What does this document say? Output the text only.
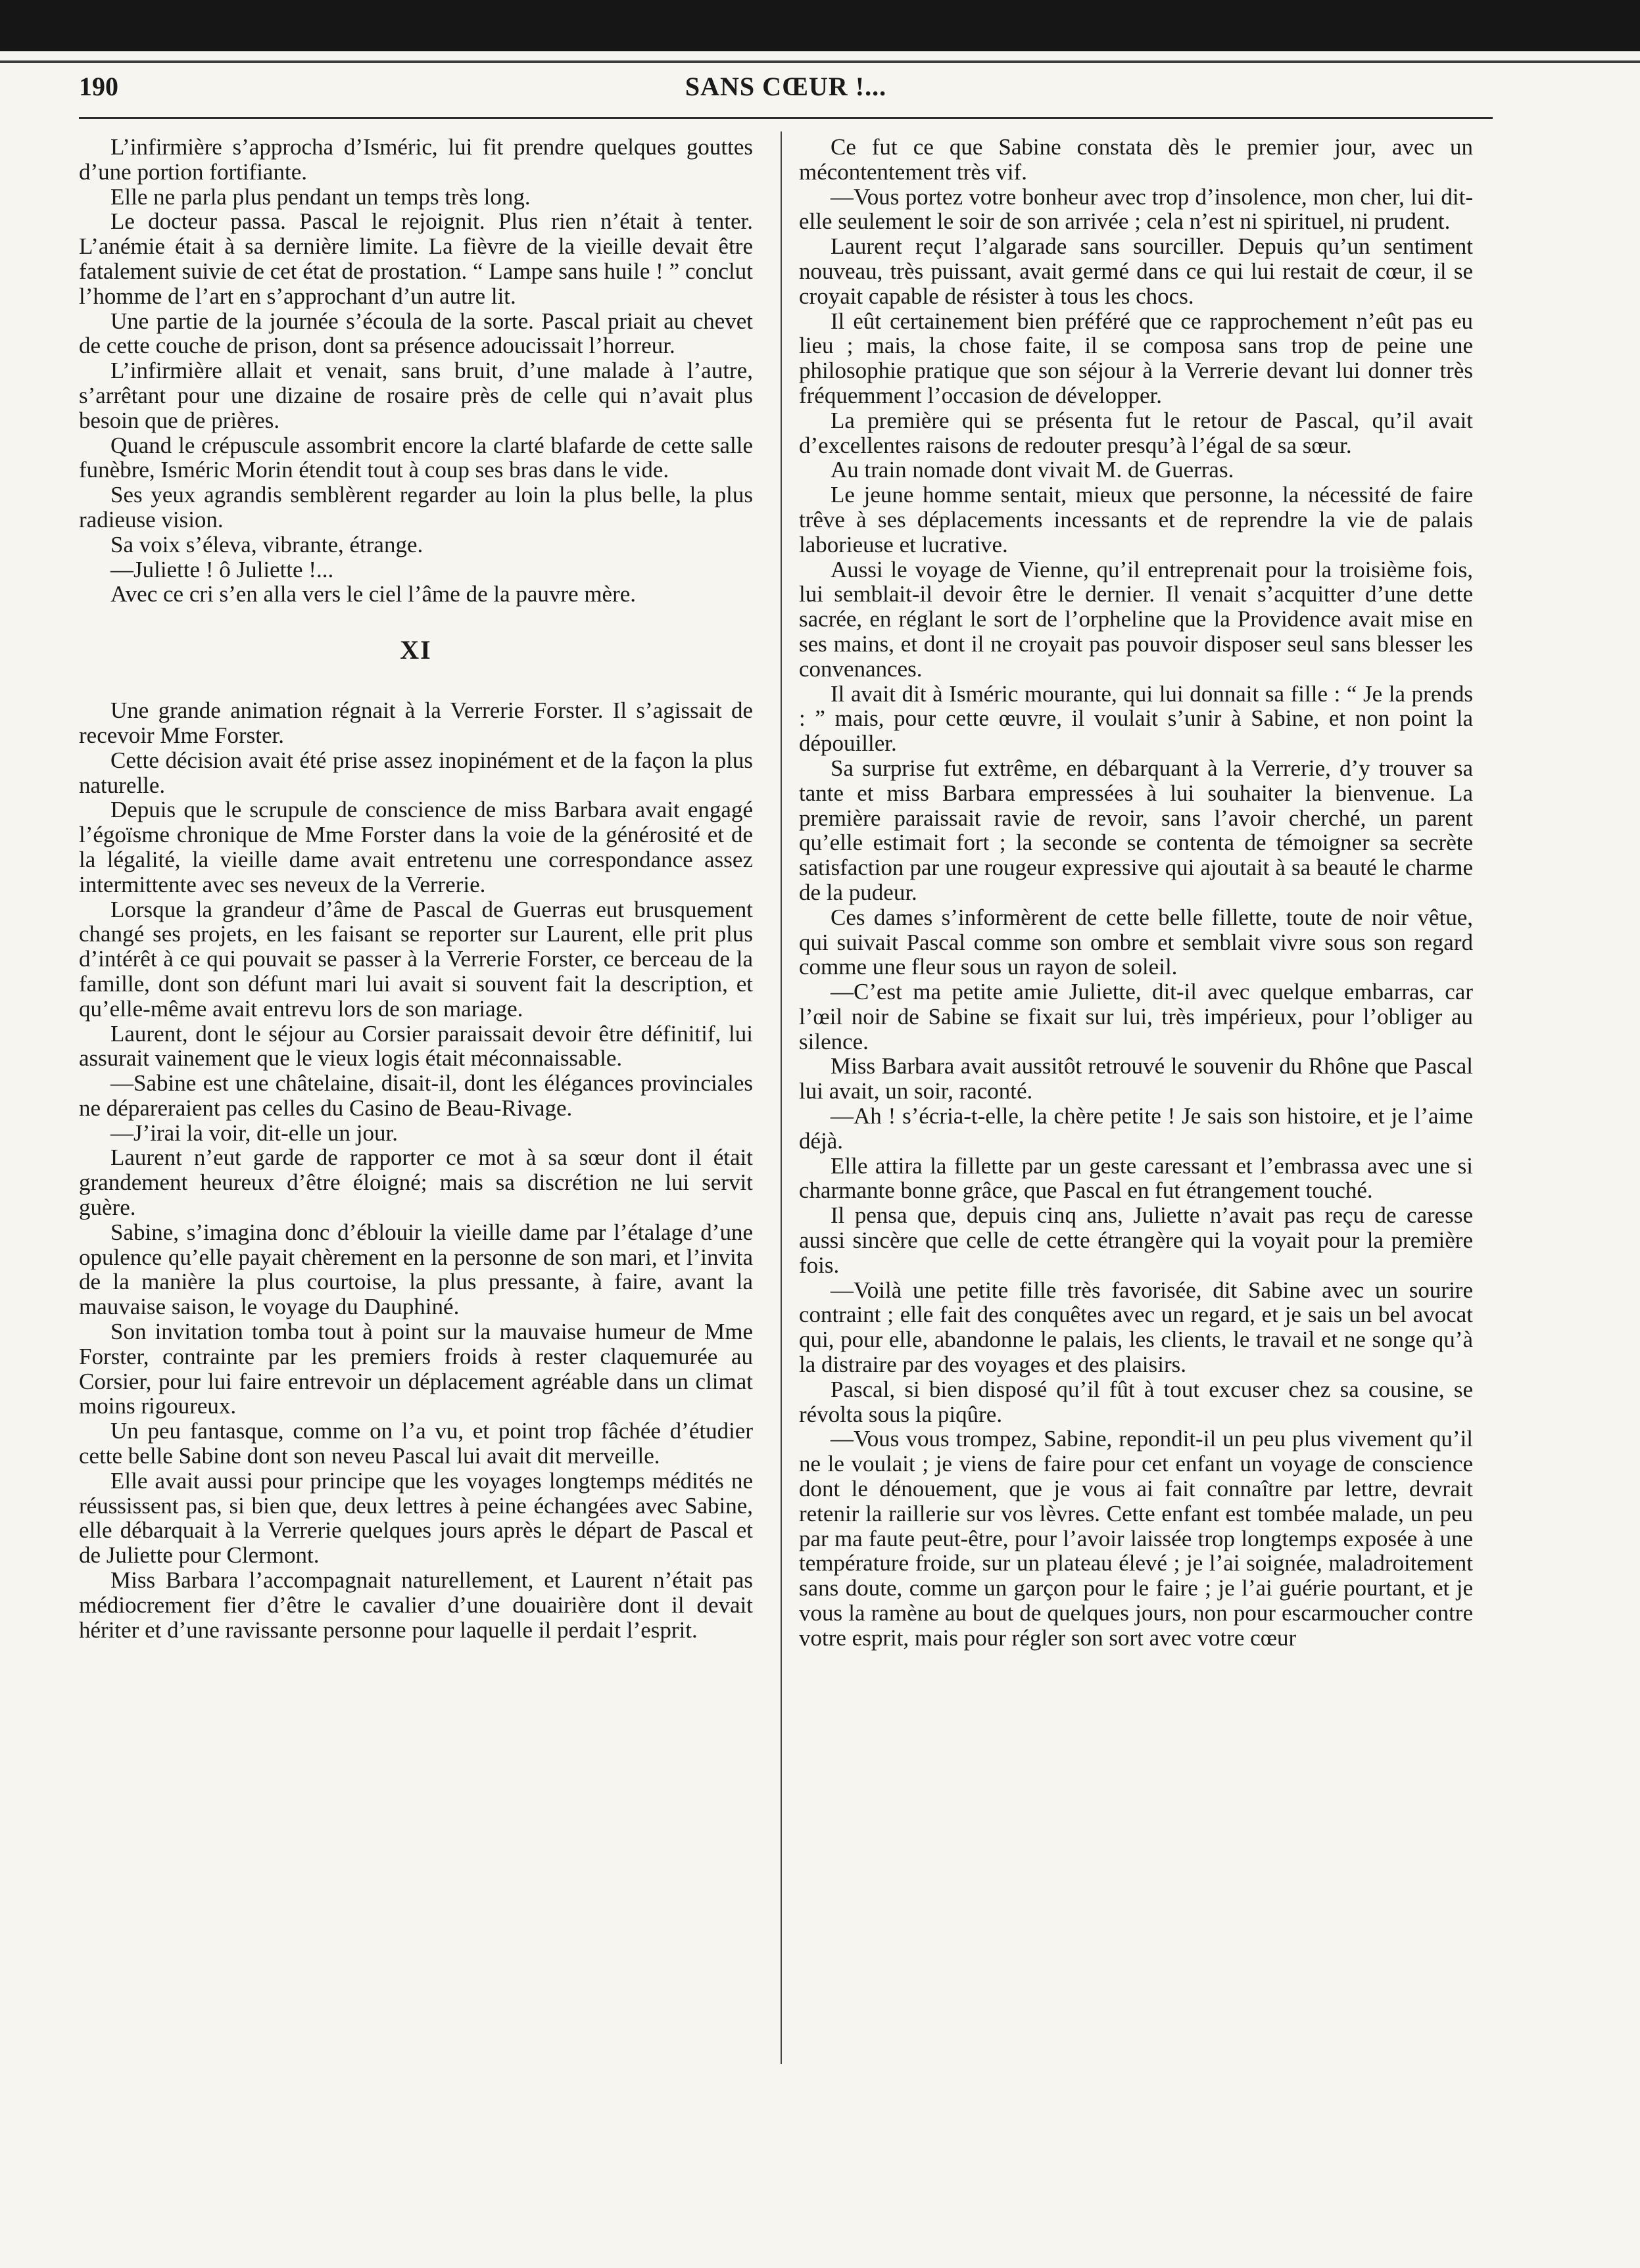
190	SANS CŒUR !...

L’infirmière s’approcha d’Isméric, lui fit prendre quelques gouttes d’une portion fortifiante.

Elle ne parla plus pendant un temps très long.

Le docteur passa. Pascal le rejoignit. Plus rien n’était à tenter. L’anémie était à sa dernière limite. La fièvre de la vieille devait être fatalement suivie de cet état de prostation. “ Lampe sans huile ! ” conclut l’homme de l’art en s’approchant d’un autre lit.

Une partie de la journée s’écoula de la sorte. Pascal priait au chevet de cette couche de prison, dont sa présence adoucissait l’horreur.

L’infirmière allait et venait, sans bruit, d’une malade à l’autre, s’arrêtant pour une dizaine de rosaire près de celle qui n’avait plus besoin que de prières.

Quand le crépuscule assombrit encore la clarté blafarde de cette salle funèbre, Isméric Morin étendit tout à coup ses bras dans le vide.

Ses yeux agrandis semblèrent regarder au loin la plus belle, la plus radieuse vision.

Sa voix s’éleva, vibrante, étrange.

—Juliette ! ô Juliette !...

Avec ce cri s’en alla vers le ciel l’âme de la pauvre mère.

XI

Une grande animation régnait à la Verrerie Forster. Il s’agissait de recevoir Mme Forster.

Cette décision avait été prise assez inopinément et de la façon la plus naturelle.

Depuis que le scrupule de conscience de miss Barbara avait engagé l’égoïsme chronique de Mme Forster dans la voie de la générosité et de la légalité, la vieille dame avait entretenu une correspondance assez intermittente avec ses neveux de la Verrerie.

Lorsque la grandeur d’âme de Pascal de Guerras eut brusquement changé ses projets, en les faisant se reporter sur Laurent, elle prit plus d’intérêt à ce qui pouvait se passer à la Verrerie Forster, ce berceau de la famille, dont son défunt mari lui avait si souvent fait la description, et qu’elle-même avait entrevu lors de son mariage.

Laurent, dont le séjour au Corsier paraissait devoir être définitif, lui assurait vainement que le vieux logis était méconnaissable.

—Sabine est une châtelaine, disait-il, dont les élégances provinciales ne dépareraient pas celles du Casino de Beau-Rivage.

—J’irai la voir, dit-elle un jour.

Laurent n’eut garde de rapporter ce mot à sa sœur dont il était grandement heureux d’être éloigné; mais sa discrétion ne lui servit guère.

Sabine, s’imagina donc d’éblouir la vieille dame par l’étalage d’une opulence qu’elle payait chèrement en la personne de son mari, et l’invita de la manière la plus courtoise, la plus pressante, à faire, avant la mauvaise saison, le voyage du Dauphiné.

Son invitation tomba tout à point sur la mauvaise humeur de Mme Forster, contrainte par les premiers froids à rester claquemurée au Corsier, pour lui faire entrevoir un déplacement agréable dans un climat moins rigoureux.

Un peu fantasque, comme on l’a vu, et point trop fâchée d’étudier cette belle Sabine dont son neveu Pascal lui avait dit merveille.

Elle avait aussi pour principe que les voyages longtemps médités ne réussissent pas, si bien que, deux lettres à peine échangées avec Sabine, elle débarquait à la Verrerie quelques jours après le départ de Pascal et de Juliette pour Clermont.

Miss Barbara l’accompagnait naturellement, et Laurent n’était pas médiocrement fier d’être le cavalier d’une douairière dont il devait hériter et d’une ravissante personne pour laquelle il perdait l’esprit.

Ce fut ce que Sabine constata dès le premier jour, avec un mécontentement très vif.

—Vous portez votre bonheur avec trop d’insolence, mon cher, lui dit-elle seulement le soir de son arrivée ; cela n’est ni spirituel, ni prudent.

Laurent reçut l’algarade sans sourciller. Depuis qu’un sentiment nouveau, très puissant, avait germé dans ce qui lui restait de cœur, il se croyait capable de résister à tous les chocs.

Il eût certainement bien préféré que ce rapprochement n’eût pas eu lieu ; mais, la chose faite, il se composa sans trop de peine une philosophie pratique que son séjour à la Verrerie devant lui donner très fréquemment l’occasion de développer.

La première qui se présenta fut le retour de Pascal, qu’il avait d’excellentes raisons de redouter presqu’à l’égal de sa sœur.

Au train nomade dont vivait M. de Guerras.

Le jeune homme sentait, mieux que personne, la nécessité de faire trêve à ses déplacements incessants et de reprendre la vie de palais laborieuse et lucrative.

Aussi le voyage de Vienne, qu’il entreprenait pour la troisième fois, lui semblait-il devoir être le dernier. Il venait s’acquitter d’une dette sacrée, en réglant le sort de l’orpheline que la Providence avait mise en ses mains, et dont il ne croyait pas pouvoir disposer seul sans blesser les convenances.

Il avait dit à Isméric mourante, qui lui donnait sa fille : “ Je la prends : ” mais, pour cette œuvre, il voulait s’unir à Sabine, et non point la dépouiller.

Sa surprise fut extrême, en débarquant à la Verrerie, d’y trouver sa tante et miss Barbara empressées à lui souhaiter la bienvenue. La première paraissait ravie de revoir, sans l’avoir cherché, un parent qu’elle estimait fort ; la seconde se contenta de témoigner sa secrète satisfaction par une rougeur expressive qui ajoutait à sa beauté le charme de la pudeur.

Ces dames s’informèrent de cette belle fillette, toute de noir vêtue, qui suivait Pascal comme son ombre et semblait vivre sous son regard comme une fleur sous un rayon de soleil.

—C’est ma petite amie Juliette, dit-il avec quelque embarras, car l’œil noir de Sabine se fixait sur lui, très impérieux, pour l’obliger au silence.

Miss Barbara avait aussitôt retrouvé le souvenir du Rhône que Pascal lui avait, un soir, raconté.

—Ah ! s’écria-t-elle, la chère petite ! Je sais son histoire, et je l’aime déjà.

Elle attira la fillette par un geste caressant et l’embrassa avec une si charmante bonne grâce, que Pascal en fut étrangement touché.

Il pensa que, depuis cinq ans, Juliette n’avait pas reçu de caresse aussi sincère que celle de cette étrangère qui la voyait pour la première fois.

—Voilà une petite fille très favorisée, dit Sabine avec un sourire contraint ; elle fait des conquêtes avec un regard, et je sais un bel avocat qui, pour elle, abandonne le palais, les clients, le travail et ne songe qu’à la distraire par des voyages et des plaisirs.

Pascal, si bien disposé qu’il fût à tout excuser chez sa cousine, se révolta sous la piqûre.

—Vous vous trompez, Sabine, repondit-il un peu plus vivement qu’il ne le voulait ; je viens de faire pour cet enfant un voyage de conscience dont le dénouement, que je vous ai fait connaître par lettre, devrait retenir la raillerie sur vos lèvres. Cette enfant est tombée malade, un peu par ma faute peut-être, pour l’avoir laissée trop longtemps exposée à une température froide, sur un plateau élevé ; je l’ai soignée, maladroitement sans doute, comme un garçon pour le faire ; je l’ai guérie pourtant, et je vous la ramène au bout de quelques jours, non pour escarmoucher contre votre esprit, mais pour régler son sort avec votre cœur
